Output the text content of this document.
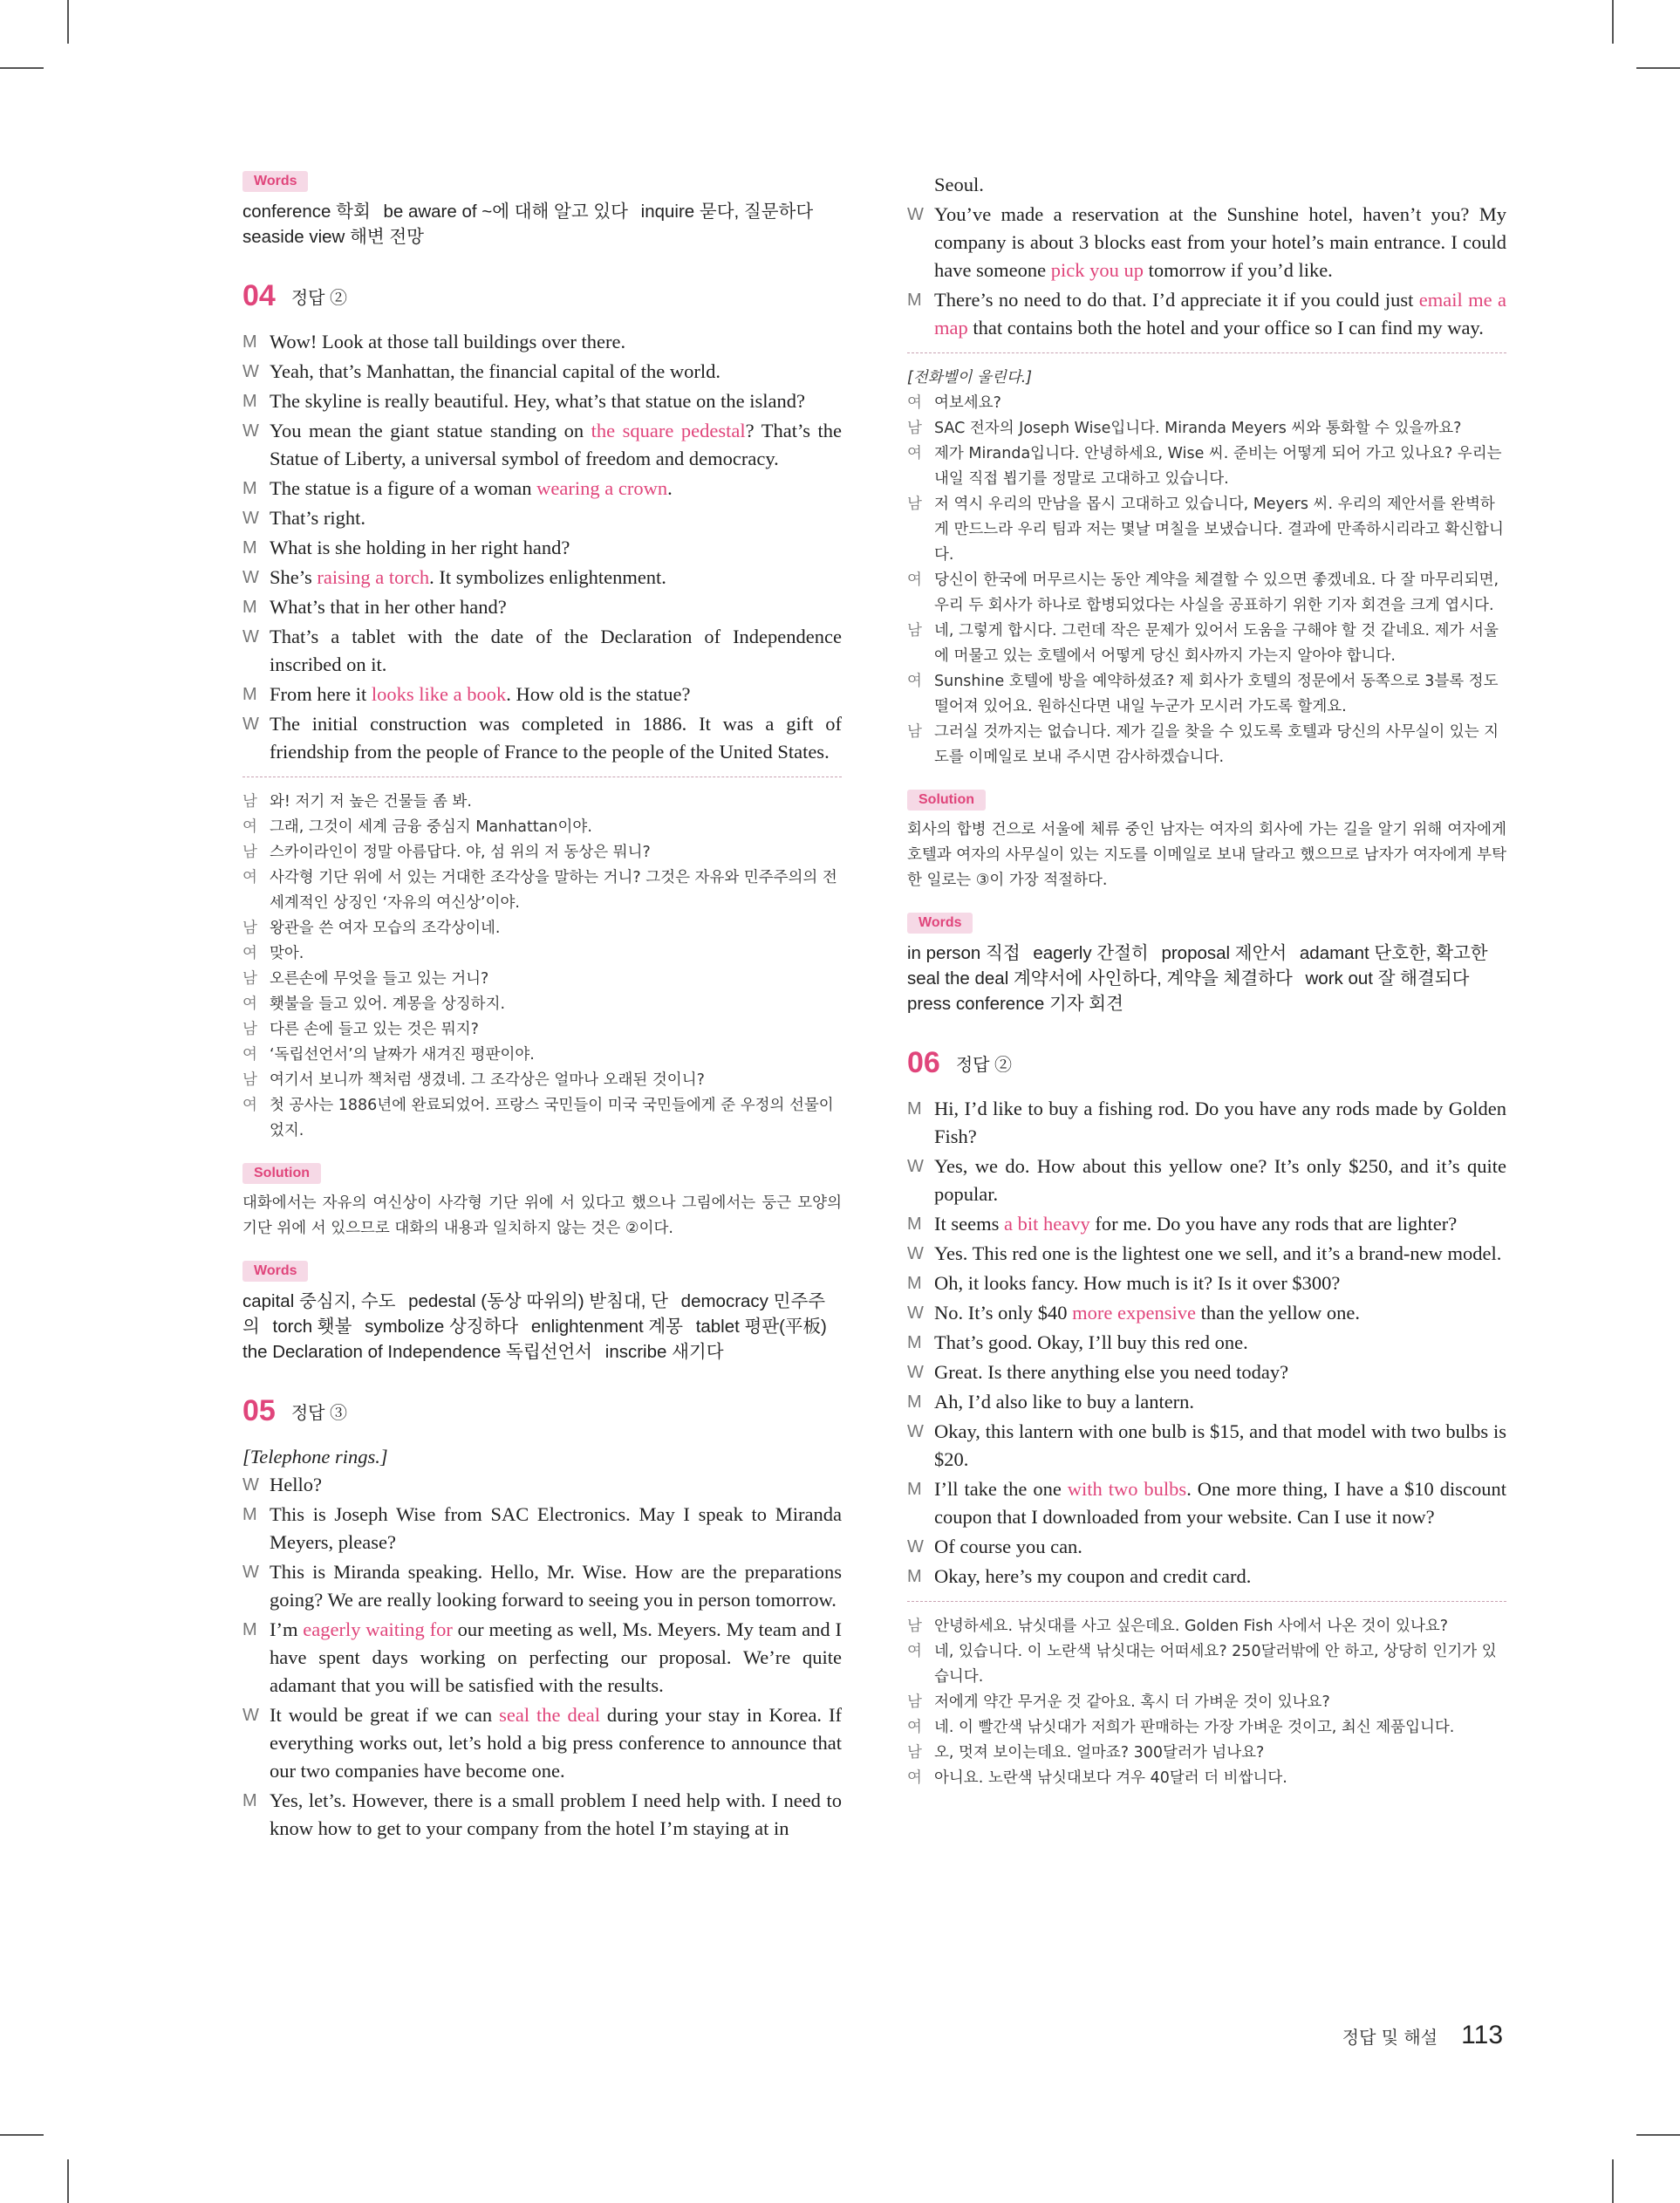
Words
conference 학회 be aware of ~에 대해 알고 있다 inquire 묻다, 질문하다 seaside view 해변 전망
04 정답 ②
M Wow! Look at those tall buildings over there.
W Yeah, that’s Manhattan, the financial capital of the world.
M The skyline is really beautiful. Hey, what’s that statue on the island?
W You mean the giant statue standing on the square pedestal? That’s the Statue of Liberty, a universal symbol of freedom and democracy.
M The statue is a figure of a woman wearing a crown.
W That’s right.
M What is she holding in her right hand?
W She’s raising a torch. It symbolizes enlightenment.
M What’s that in her other hand?
W That’s a tablet with the date of the Declaration of Independence inscribed on it.
M From here it looks like a book. How old is the statue?
W The initial construction was completed in 1886. It was a gift of friendship from the people of France to the people of the United States.
남 와! 저기 저 높은 건물들 좀 봐.
여 그래, 그것이 세계 금융 중심지 Manhattan이야.
남 스카이라인이 정말 아름답다. 야, 섬 위의 저 동상은 뭐니?
여 사각형 기단 위에 서 있는 거대한 조각상을 말하는 거니? 그것은 자유와 민주주의의 전 세계적인 상징인 ‘자유의 여신상’이야.
남 왕관을 쓴 여자 모습의 조각상이네.
여 맞아.
남 오른손에 무엇을 들고 있는 거니?
여 횃불을 들고 있어. 계몽을 상징하지.
남 다른 손에 들고 있는 것은 뭐지?
여 ‘독립선언서’의 날짜가 새겨진 평판이야.
남 여기서 보니까 책처럼 생겼네. 그 조각상은 얼마나 오래된 것이니?
여 첫 공사는 1886년에 완료되었어. 프랑스 국민들이 미국 국민들에게 준 우정의 선물이었지.
Solution
대화에서는 자유의 여신상이 사각형 기단 위에 서 있다고 했으나 그림에서는 둥근 모양의 기단 위에 서 있으므로 대화의 내용과 일치하지 않는 것은 ②이다.
Words
capital 중심지, 수도 pedestal (동상 따위의) 받침대, 단 democracy 민주주의 torch 횃불 symbolize 상징하다 enlightenment 계몽 tablet 평판(平板) the Declaration of Independence 독립선언서 inscribe 새기다
05 정답 ③
[Telephone rings.]
W Hello?
M This is Joseph Wise from SAC Electronics. May I speak to Miranda Meyers, please?
W This is Miranda speaking. Hello, Mr. Wise. How are the preparations going? We are really looking forward to seeing you in person tomorrow.
M I’m eagerly waiting for our meeting as well, Ms. Meyers. My team and I have spent days working on perfecting our proposal. We’re quite adamant that you will be satisfied with the results.
W It would be great if we can seal the deal during your stay in Korea. If everything works out, let’s hold a big press conference to announce that our two companies have become one.
M Yes, let’s. However, there is a small problem I need help with. I need to know how to get to your company from the hotel I’m staying at in
Seoul.
W You’ve made a reservation at the Sunshine hotel, haven’t you? My company is about 3 blocks east from your hotel’s main entrance. I could have someone pick you up tomorrow if you’d like.
M There’s no need to do that. I’d appreciate it if you could just email me a map that contains both the hotel and your office so I can find my way.
[전화벨이 울린다.]
여 여보세요?
남 SAC 전자의 Joseph Wise입니다. Miranda Meyers 씨와 통화할 수 있을까요?
여 제가 Miranda입니다. 안녕하세요, Wise 씨. 준비는 어떻게 되어 가고 있나요? 우리는 내일 직접 뵙기를 정말로 고대하고 있습니다.
남 저 역시 우리의 만남을 몹시 고대하고 있습니다, Meyers 씨. 우리의 제안서를 완벽하게 만드느라 우리 팀과 저는 몇날 며칠을 보냈습니다. 결과에 만족하시리라고 확신합니다.
여 당신이 한국에 머무르시는 동안 계약을 체결할 수 있으면 좋겠네요. 다 잘 마무리되면, 우리 두 회사가 하나로 합병되었다는 사실을 공표하기 위한 기자 회견을 크게 엽시다.
남 네, 그렇게 합시다. 그런데 작은 문제가 있어서 도움을 구해야 할 것 같네요. 제가 서울에 머물고 있는 호텔에서 어떻게 당신 회사까지 가는지 알아야 합니다.
여 Sunshine 호텔에 방을 예약하셨죠? 제 회사가 호텔의 정문에서 동쪽으로 3블록 정도 떨어져 있어요. 원하신다면 내일 누군가 모시러 가도록 할게요.
남 그러실 것까지는 없습니다. 제가 길을 찾을 수 있도록 호텔과 당신의 사무실이 있는 지도를 이메일로 보내 주시면 감사하겠습니다.
Solution
회사의 합병 건으로 서울에 체류 중인 남자는 여자의 회사에 가는 길을 알기 위해 여자에게 호텔과 여자의 사무실이 있는 지도를 이메일로 보내 달라고 했으므로 남자가 여자에게 부탁한 일로는 ③이 가장 적절하다.
Words
in person 직접 eagerly 간절히 proposal 제안서 adamant 단호한, 확고한 seal the deal 계약서에 사인하다, 계약을 체결하다 work out 잘 해결되다 press conference 기자 회견
06 정답 ②
M Hi, I’d like to buy a fishing rod. Do you have any rods made by Golden Fish?
W Yes, we do. How about this yellow one? It’s only $250, and it’s quite popular.
M It seems a bit heavy for me. Do you have any rods that are lighter?
W Yes. This red one is the lightest one we sell, and it’s a brand-new model.
M Oh, it looks fancy. How much is it? Is it over $300?
W No. It’s only $40 more expensive than the yellow one.
M That’s good. Okay, I’ll buy this red one.
W Great. Is there anything else you need today?
M Ah, I’d also like to buy a lantern.
W Okay, this lantern with one bulb is $15, and that model with two bulbs is $20.
M I’ll take the one with two bulbs. One more thing, I have a $10 discount coupon that I downloaded from your website. Can I use it now?
W Of course you can.
M Okay, here’s my coupon and credit card.
남 안녕하세요. 낚싯대를 사고 싶은데요. Golden Fish 사에서 나온 것이 있나요?
여 네, 있습니다. 이 노란색 낚싯대는 어떠세요? 250달러밖에 안 하고, 상당히 인기가 있습니다.
남 저에게 약간 무거운 것 같아요. 혹시 더 가벼운 것이 있나요?
여 네. 이 빨간색 낚싯대가 저희가 판매하는 가장 가벼운 것이고, 최신 제품입니다.
남 오, 멋져 보이는데요. 얼마죠? 300달러가 넘나요?
여 아니요. 노란색 낚싯대보다 겨우 40달러 더 비쌉니다.
정답 및 해설 113
